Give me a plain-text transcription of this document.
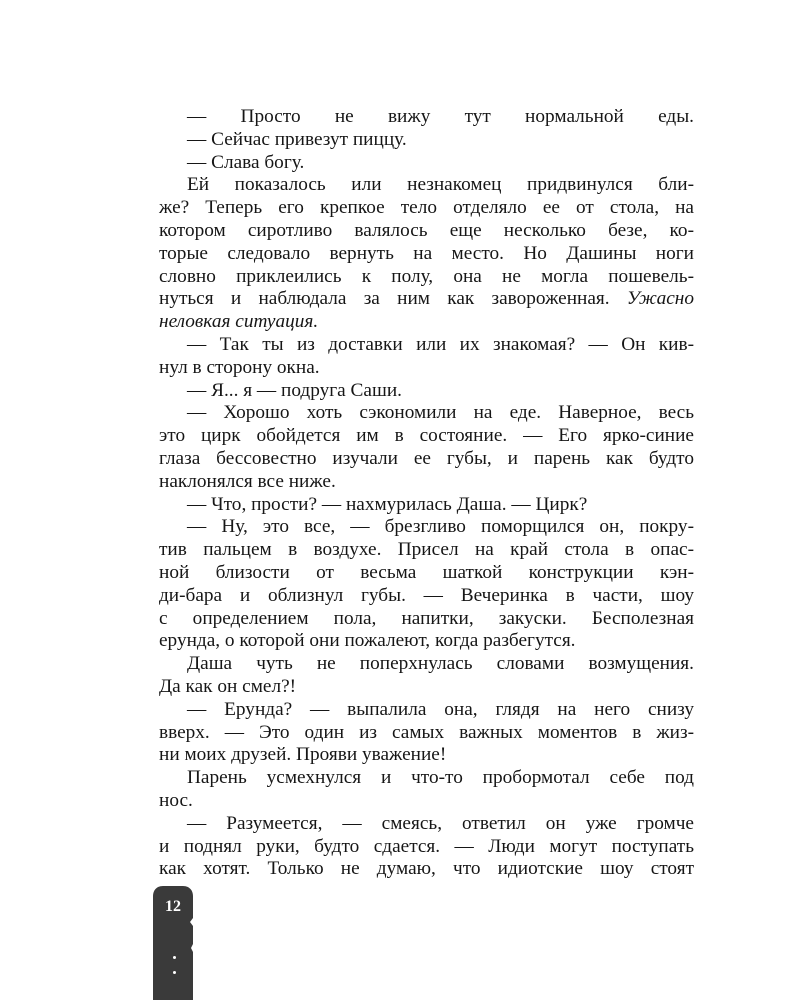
— Просто не вижу тут нормальной еды.
— Сейчас привезут пиццу.
— Слава богу.
Ей показалось или незнакомец придвинулся бли-
же? Теперь его крепкое тело отделяло ее от стола, на
котором сиротливо валялось еще несколько безе, ко-
торые следовало вернуть на место. Но Дашины ноги
словно приклеились к полу, она не могла пошевель-
нуться и наблюдала за ним как завороженная. Ужасно
неловкая ситуация.
— Так ты из доставки или их знакомая? — Он кив-
нул в сторону окна.
— Я... я — подруга Саши.
— Хорошо хоть сэкономили на еде. Наверное, весь
это цирк обойдется им в состояние. — Его ярко-синие
глаза бессовестно изучали ее губы, и парень как будто
наклонялся все ниже.
— Что, прости? — нахмурилась Даша. — Цирк?
— Ну, это все, — брезгливо поморщился он, покру-
тив пальцем в воздухе. Присел на край стола в опас-
ной близости от весьма шаткой конструкции кэн-
ди-бара и облизнул губы. — Вечеринка в части, шоу
с определением пола, напитки, закуски. Бесполезная
ерунда, о которой они пожалеют, когда разбегутся.
Даша чуть не поперхнулась словами возмущения.
Да как он смел?!
— Ерунда? — выпалила она, глядя на него снизу
вверх. — Это один из самых важных моментов в жиз-
ни моих друзей. Прояви уважение!
Парень усмехнулся и что-то пробормотал себе под
нос.
— Разумеется, — смеясь, ответил он уже громче
и поднял руки, будто сдается. — Люди могут поступать
как хотят. Только не думаю, что идиотские шоу стоят
12
